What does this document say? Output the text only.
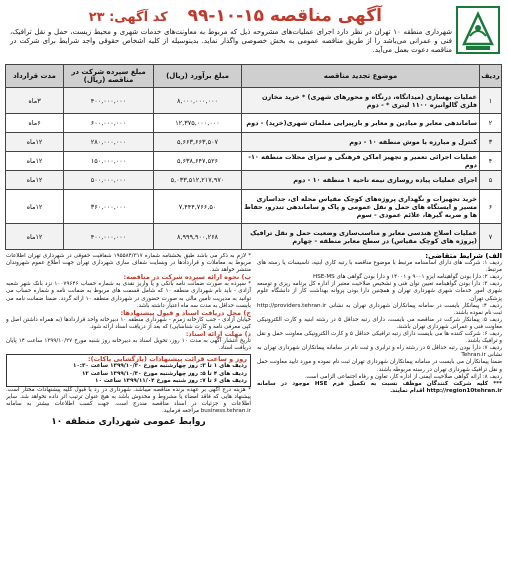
آگهی مناقصه ۱۵-۱۰-۹۹ کد آگهی: ۲۳
شهرداری منطقه ۱۰ تهران در نظر دارد اجرای عملیات‌های مشروحه ذیل که مربوط به معاونت‌های خدمات شهری و محیط زیست، حمل و نقل ترافیک، فنی و عمرانی می‌باشد را از طریق مناقصه عمومی به بخش خصوصی واگذار نماید. بدینوسیله از کلیه اشخاص حقوقی واجد شرایط برای شرکت در مناقصه دعوت بعمل می‌آید.
ردیف	موضوع تجدید مناقصه	مبلغ برآورد (ریال)	مبلغ سپرده شرکت در مناقصه (ریال)	مدت قرارداد
۱	عملیات بهسازی (میدانگاه، درنگاه و محورهای شهری) * خرید مخازن فلزی گالوانیزه ۱۱۰۰ لیتری * - دوم	۸,۰۰۰,۰۰۰,۰۰۰	۴۰۰,۰۰۰,۰۰۰	۳ماه
۲	ساماندهی معابر و میادین و معابر و بازپیرایی مبلمان شهری(خرید) - دوم	۱۲,۳۷۵,۰۰۰,۰۰۰	۶۰۰,۰۰۰,۰۰۰	۶ماه
۳	کنترل و مبارزه با موش منطقه ۱۰ - دوم	۵,۶۶۳,۶۶۳,۵۰۷	۲۸۰,۰۰۰,۰۰۰	۱۲ماه
۴	عملیات اجرائی تعمیر و تجهیز اماکن فرهنگی و سرای محلات منطقه ۱۰- دوم	۵,۶۳۸,۶۴۷,۵۲۶	۱۵۰,۰۰۰,۰۰۰	۱۲ماه
۵	اجرای عملیات پیاده روسازی نیمه ناحیه ۱ منطقه ۱۰ - دوم	۵,۰۳۳,۵۱۲,۲۱۷,۹۷۰	۵۰۰,۰۰۰,۰۰۰	۱۲ماه
۶	خرید تجهیزات و نگهداری پروژه‌های کوچک مقیاس محله ای، جداسازی مسیر و ایستگاه های حمل و نقل عمومی و پاک و ساماندهی تندرو، حفاظ ها و ضربه گیرها، علائم عمودی - سوم	۷,۴۴۴,۷۶۶,۵۰	۳۶۰,۰۰۰,۰۰۰	۱۲ماه
۷	عملیات اصلاح هندسی معابر و مناسب‌سازی وضعیت حمل و نقل ترافیک (پروژه های کوچک مقیاس) در سطح معابر منطقه - چهارم	۸,۹۹۹,۹۰۰,۲۶۸	۴۰۰,۰۰۰,۰۰۰	۱۲ماه
الف) شرایط متقاضی:
ردیف ۱: شرکت های دارای اساسنامه مرتبط با موضوع مناقصه با رتبه کاری ابنیه، تاسیسات یا رسته های مرتبط.
ردیف ۲: دارا بودن گواهینامه ایزو ۹۰۰۱ و ۱۴۰۰۱ و دارا بودن گواهی های HSE-MS
ردیف ۳: دارا بودن گواهینامه تعیین توان فنی و تشخیص صلاحیت معتبر از اداره کل برنامه ریزی و توسعه شهری امور خدمات شهری شهرداری تهران و همچنین دارا بودن پروانه بهداشت کار از دانشگاه علوم پزشکی تهران.
ردیف ۴: پیمانکار بایست در سامانه پیمانکاران شهرداری تهران به نشانی http://providers.tehran.ir ثبت نام نموده باشند.
ردیف ۵: پیمانکار شرکت در مناقصه می بایست، دارای رتبه حداقل ۵ در رشته ابنیه و کارت الکترونیکی معاونت فنی و عمرانی شهرداری تهران باشند.
ردیف ۶: شرکت کننده ها می بایست دارای رتبه ترافیکی حداقل ۵ و کارت الکترونیکی معاونت حمل و نقل و ترافیک باشند.
ردیف ۷: دارا بودن رتبه حداقل ۵ در رشته راه و ترابری و ثبت نام در سامانه پیمانکاران شهرداری تهران به نشانی Tehran.ir
ضمنا پیمانکاران می بایست در سامانه پیمانکاران شهرداری تهران ثبت نام نموده و مورد تایید معاونت حمل و نقل ترافیک شهرداری تهران در رسته مربوطه باشند.
ردیف ۸: ارائه گواهی صلاحیت ایمنی از اداره کار، تعاون و رفاه اجتماعی الزامی است.
*** کلیه شرکت کنندگان موظف نسبت به تکمیل فرم HSE موجود در سامانه http://region10tehran.ir اقدام نمایند.
* لازم به ذکر می باشد طبق بخشنامه شماره ۱۹۵۵۸۴/۳۱۷ شفافیت حقوقی در شهرداری تهران اطلاعات مربوط به معاملات و قراردادها در وبسایت شفاف سازی شهرداری تهران جهت اطلاع عموم شهروندان منتشر خواهد شد.
ب) نحوه ارائه سپرده شرکت در مناقصه:
* سپرده به صورت ضمانت نامه بانکی و یا واریز نقدی به شماره حساب ۱۰۰۷۹۶۴۶ نزد بانک شهر شعبه آزادی - باید نام شهرداری منطقه ۱۰ که شامل قسمت های مربوط به ضمانت نامه و شماره حساب می توانید به مدیریت تامین مالی به صورت حضوری در شهرداری منطقه ۱۰ ارائه گردد. ضمنا ضمانت نامه می بایست حداقل به مدت سه ماه اعتبار داشته باشد.
ج) محل دریافت اسناد و قبول پیشنهادها:
خیابان آزادی - جنب کارخانه زمزم - شهرداری منطقه ۱۰ دبیرخانه واحد قراردادها (به همراه داشتن اصل و کپی معرفی نامه و کارت شناسایی) که بعد از دریافت اسناد ارائه شود.
د) مهلت ارائه اسناد:
تاریخ انتشار آگهی به مدت ۱۰ روز، تحویل اسناد به دبیرخانه روز شنبه مورخ ۱۳۹۹/۱۰/۲۷ ساعت ۱۴ پایان دریافت اسناد.
روز و ساعت قرائت پیشنهادات (بازگشایی پاکات):
ردیف های ۱ تا ۳: روز چهارشنبه مورخ ۱۳۹۹/۱۰/۳۰ ساعت ۱۰:۳۰
ردیف های ۴ تا ۵: روز چهارشنبه مورخ ۱۳۹۹/۱۰/۳۰ ساعت ۱۲
ردیف های ۶ تا ۷: روز شنبه مورخ ۱۳۹۹/۱۱/۰۴ ساعت ۱۰
* هزینه درج آگهی بر عهده برنده مناقصه میباشد. شهرداری در رد یا قبول کلیه پیشنهادات مختار است. پیشنهاد هایی که فاقد امضاء یا مشروط و مخدوش باشد به هیچ عنوان ترتیب اثر داده نخواهد شد. سایر اطلاعات و جزئیات در اسناد مناقصه مندرج است. جهت کسب اطلاعات بیشتر به سامانه business.tehran.ir مراجعه فرمایید.
روابط عمومی شهرداری منطقه ۱۰
